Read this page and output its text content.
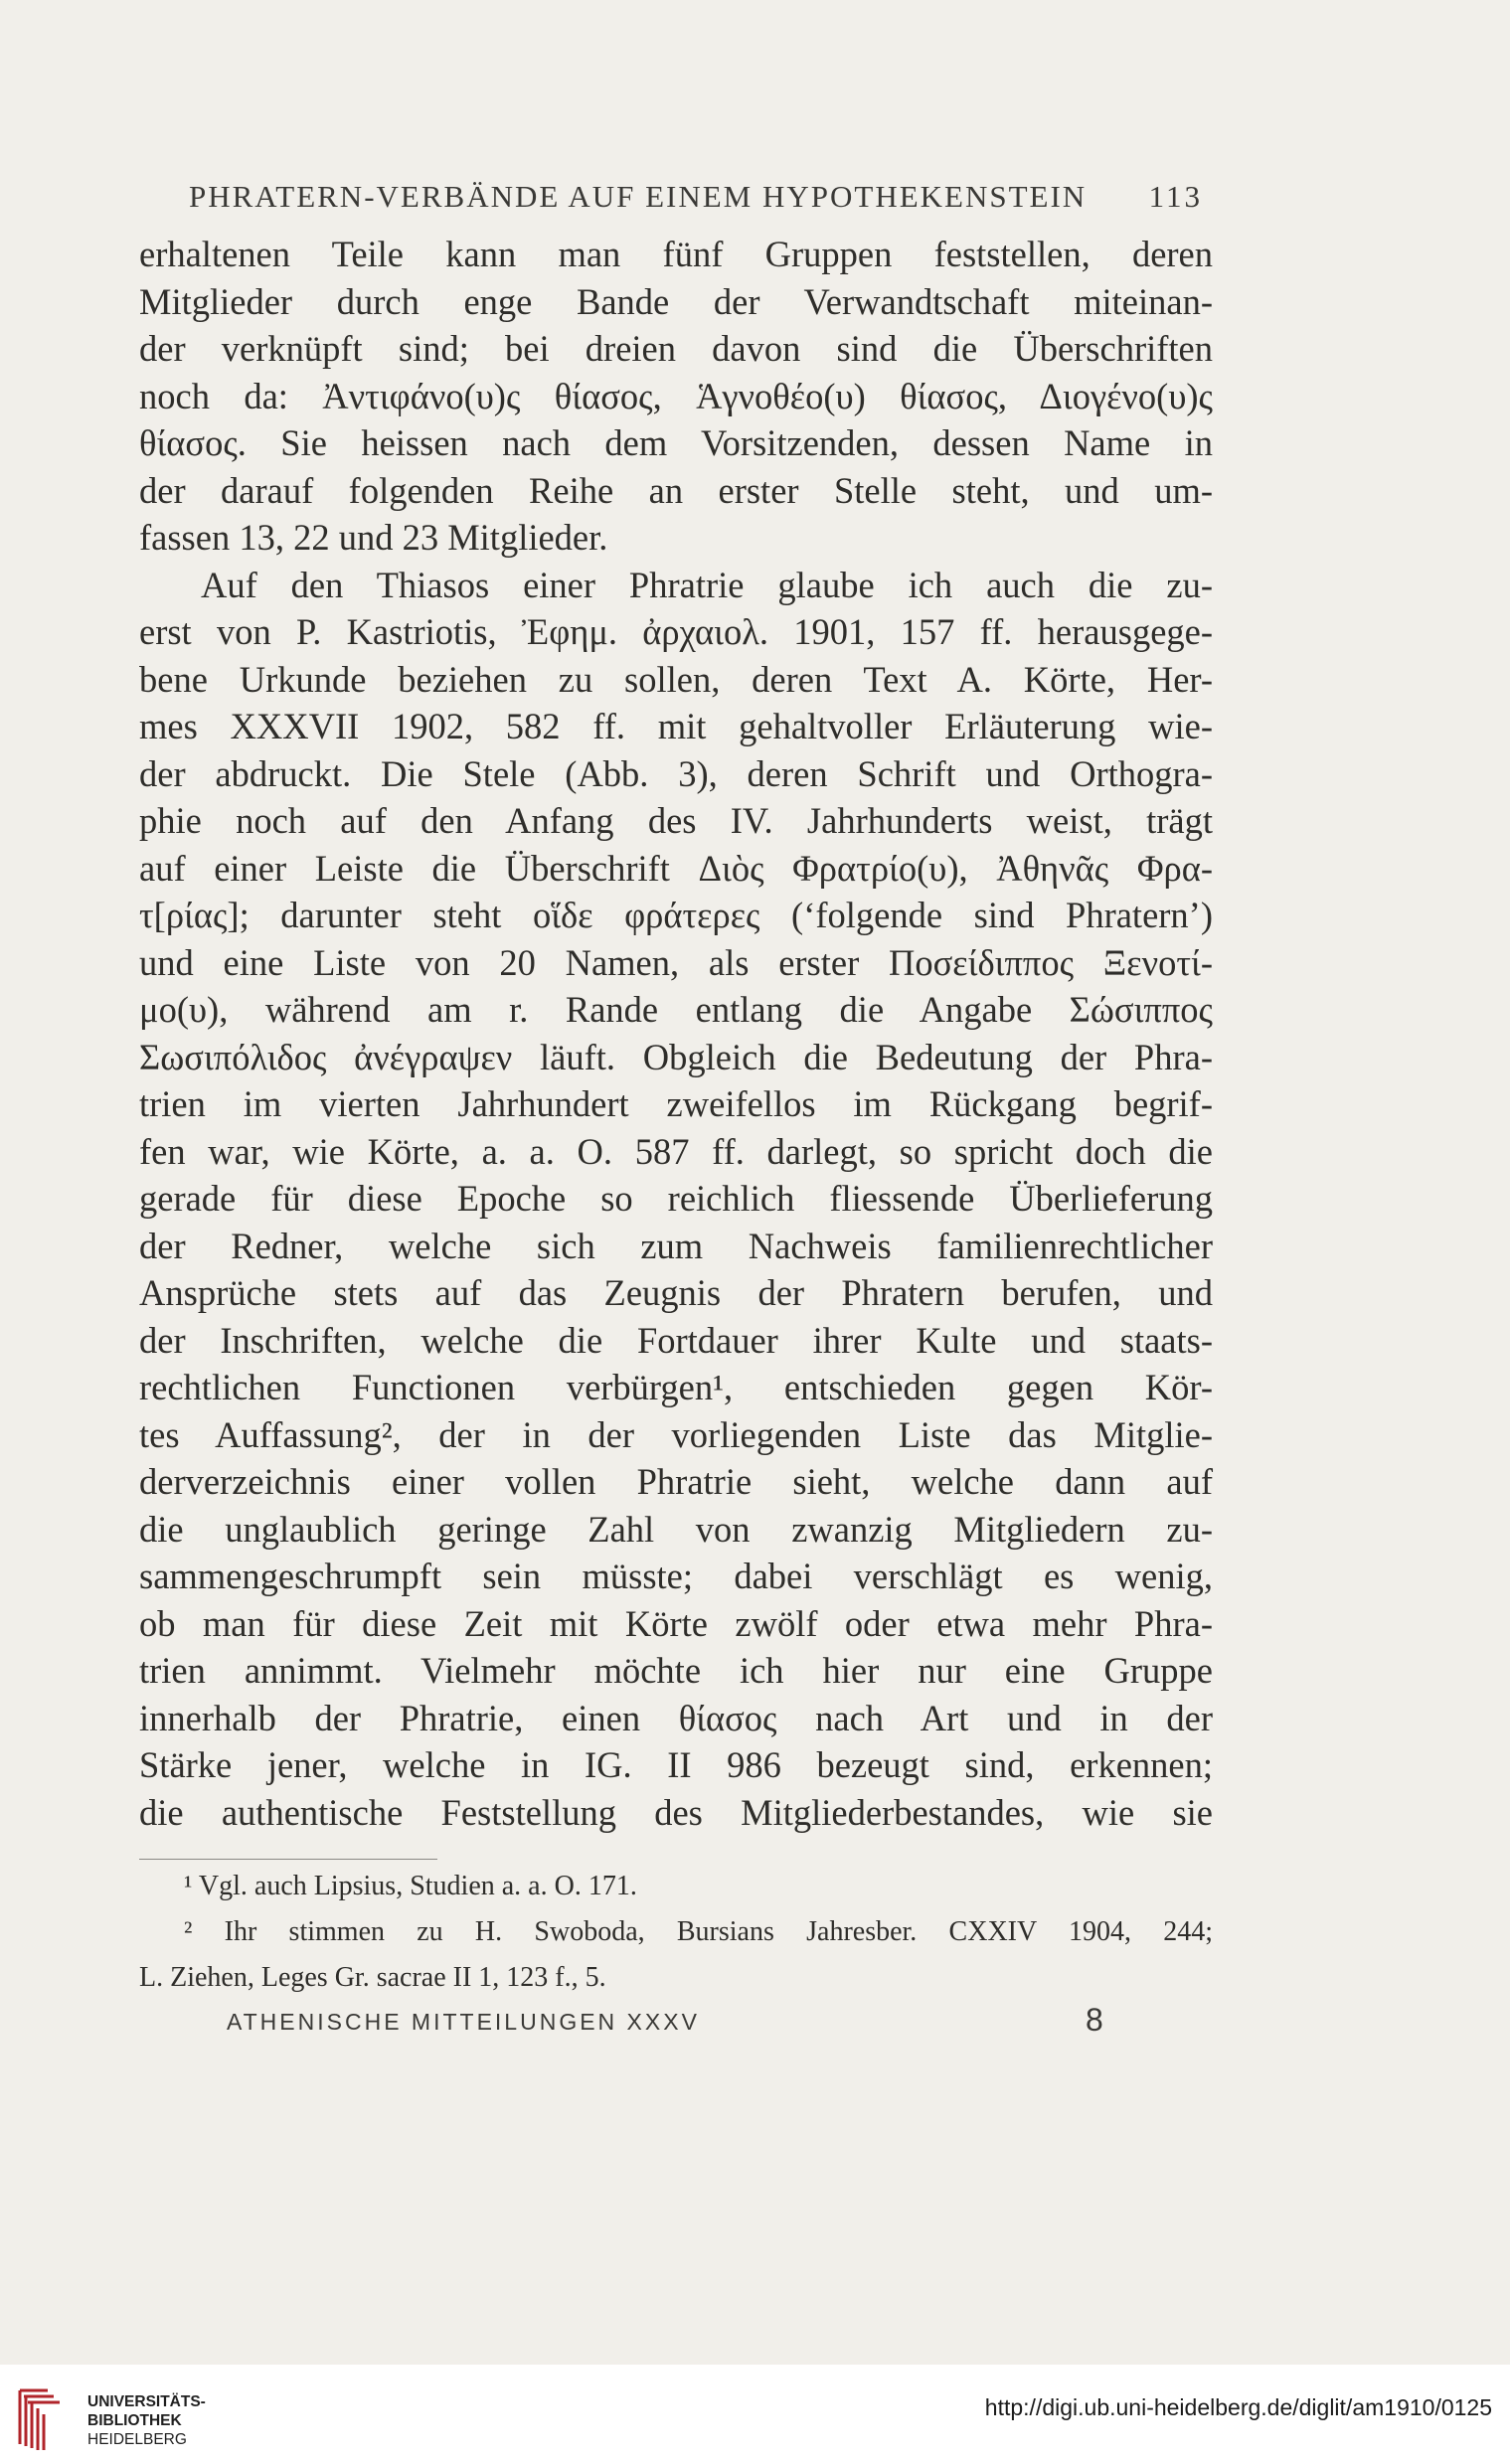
PHRATERN-VERBÄNDE AUF EINEM HYPOTHEKENSTEIN 113
erhaltenen Teile kann man fünf Gruppen feststellen, deren
Mitglieder durch enge Bande der Verwandtschaft miteinan-
der verknüpft sind; bei dreien davon sind die Überschriften
noch da: Ἀντιφάνο(υ)ς θίασος, Ἁγνοθέο(υ) θίασος, Διογένο(υ)ς
θίασος. Sie heissen nach dem Vorsitzenden, dessen Name in
der darauf folgenden Reihe an erster Stelle steht, und um-
fassen 13, 22 und 23 Mitglieder.
Auf den Thiasos einer Phratrie glaube ich auch die zu-
erst von P. Kastriotis, Ἐφημ. ἀρχαιολ. 1901, 157 ff. herausgege-
bene Urkunde beziehen zu sollen, deren Text A. Körte, Her-
mes XXXVII 1902, 582 ff. mit gehaltvoller Erläuterung wie-
der abdruckt. Die Stele (Abb. 3), deren Schrift und Orthogra-
phie noch auf den Anfang des IV. Jahrhunderts weist, trägt
auf einer Leiste die Überschrift Διὸς Φρατρίο(υ), Ἀθηνᾶς Φρα-
τ[ρίας]; darunter steht οἵδε φράτερες (‘folgende sind Phratern’)
und eine Liste von 20 Namen, als erster Ποσείδιππος Ξενοτί-
μο(υ), während am r. Rande entlang die Angabe Σώσιππος
Σωσιπόλιδος ἀνέγραψεν läuft. Obgleich die Bedeutung der Phra-
trien im vierten Jahrhundert zweifellos im Rückgang begrif-
fen war, wie Körte, a. a. O. 587 ff. darlegt, so spricht doch die
gerade für diese Epoche so reichlich fliessende Überlieferung
der Redner, welche sich zum Nachweis familienrechtlicher
Ansprüche stets auf das Zeugnis der Phratern berufen, und
der Inschriften, welche die Fortdauer ihrer Kulte und staats-
rechtlichen Functionen verbürgen¹, entschieden gegen Kör-
tes Auffassung², der in der vorliegenden Liste das Mitglie-
derverzeichnis einer vollen Phratrie sieht, welche dann auf
die unglaublich geringe Zahl von zwanzig Mitgliedern zu-
sammengeschrumpft sein müsste; dabei verschlägt es wenig,
ob man für diese Zeit mit Körte zwölf oder etwa mehr Phra-
trien annimmt. Vielmehr möchte ich hier nur eine Gruppe
innerhalb der Phratrie, einen θίασος nach Art und in der
Stärke jener, welche in IG. II 986 bezeugt sind, erkennen;
die authentische Feststellung des Mitgliederbestandes, wie sie
¹ Vgl. auch Lipsius, Studien a. a. O. 171.
² Ihr stimmen zu H. Swoboda, Bursians Jahresber. CXXIV 1904, 244;
L. Ziehen, Leges Gr. sacrae II 1, 123 f., 5.
ATHENISCHE MITTEILUNGEN XXXV	8
UNIVERSITÄTS-
BIBLIOTHEK
HEIDELBERG
http://digi.ub.uni-heidelberg.de/diglit/am1910/0125
